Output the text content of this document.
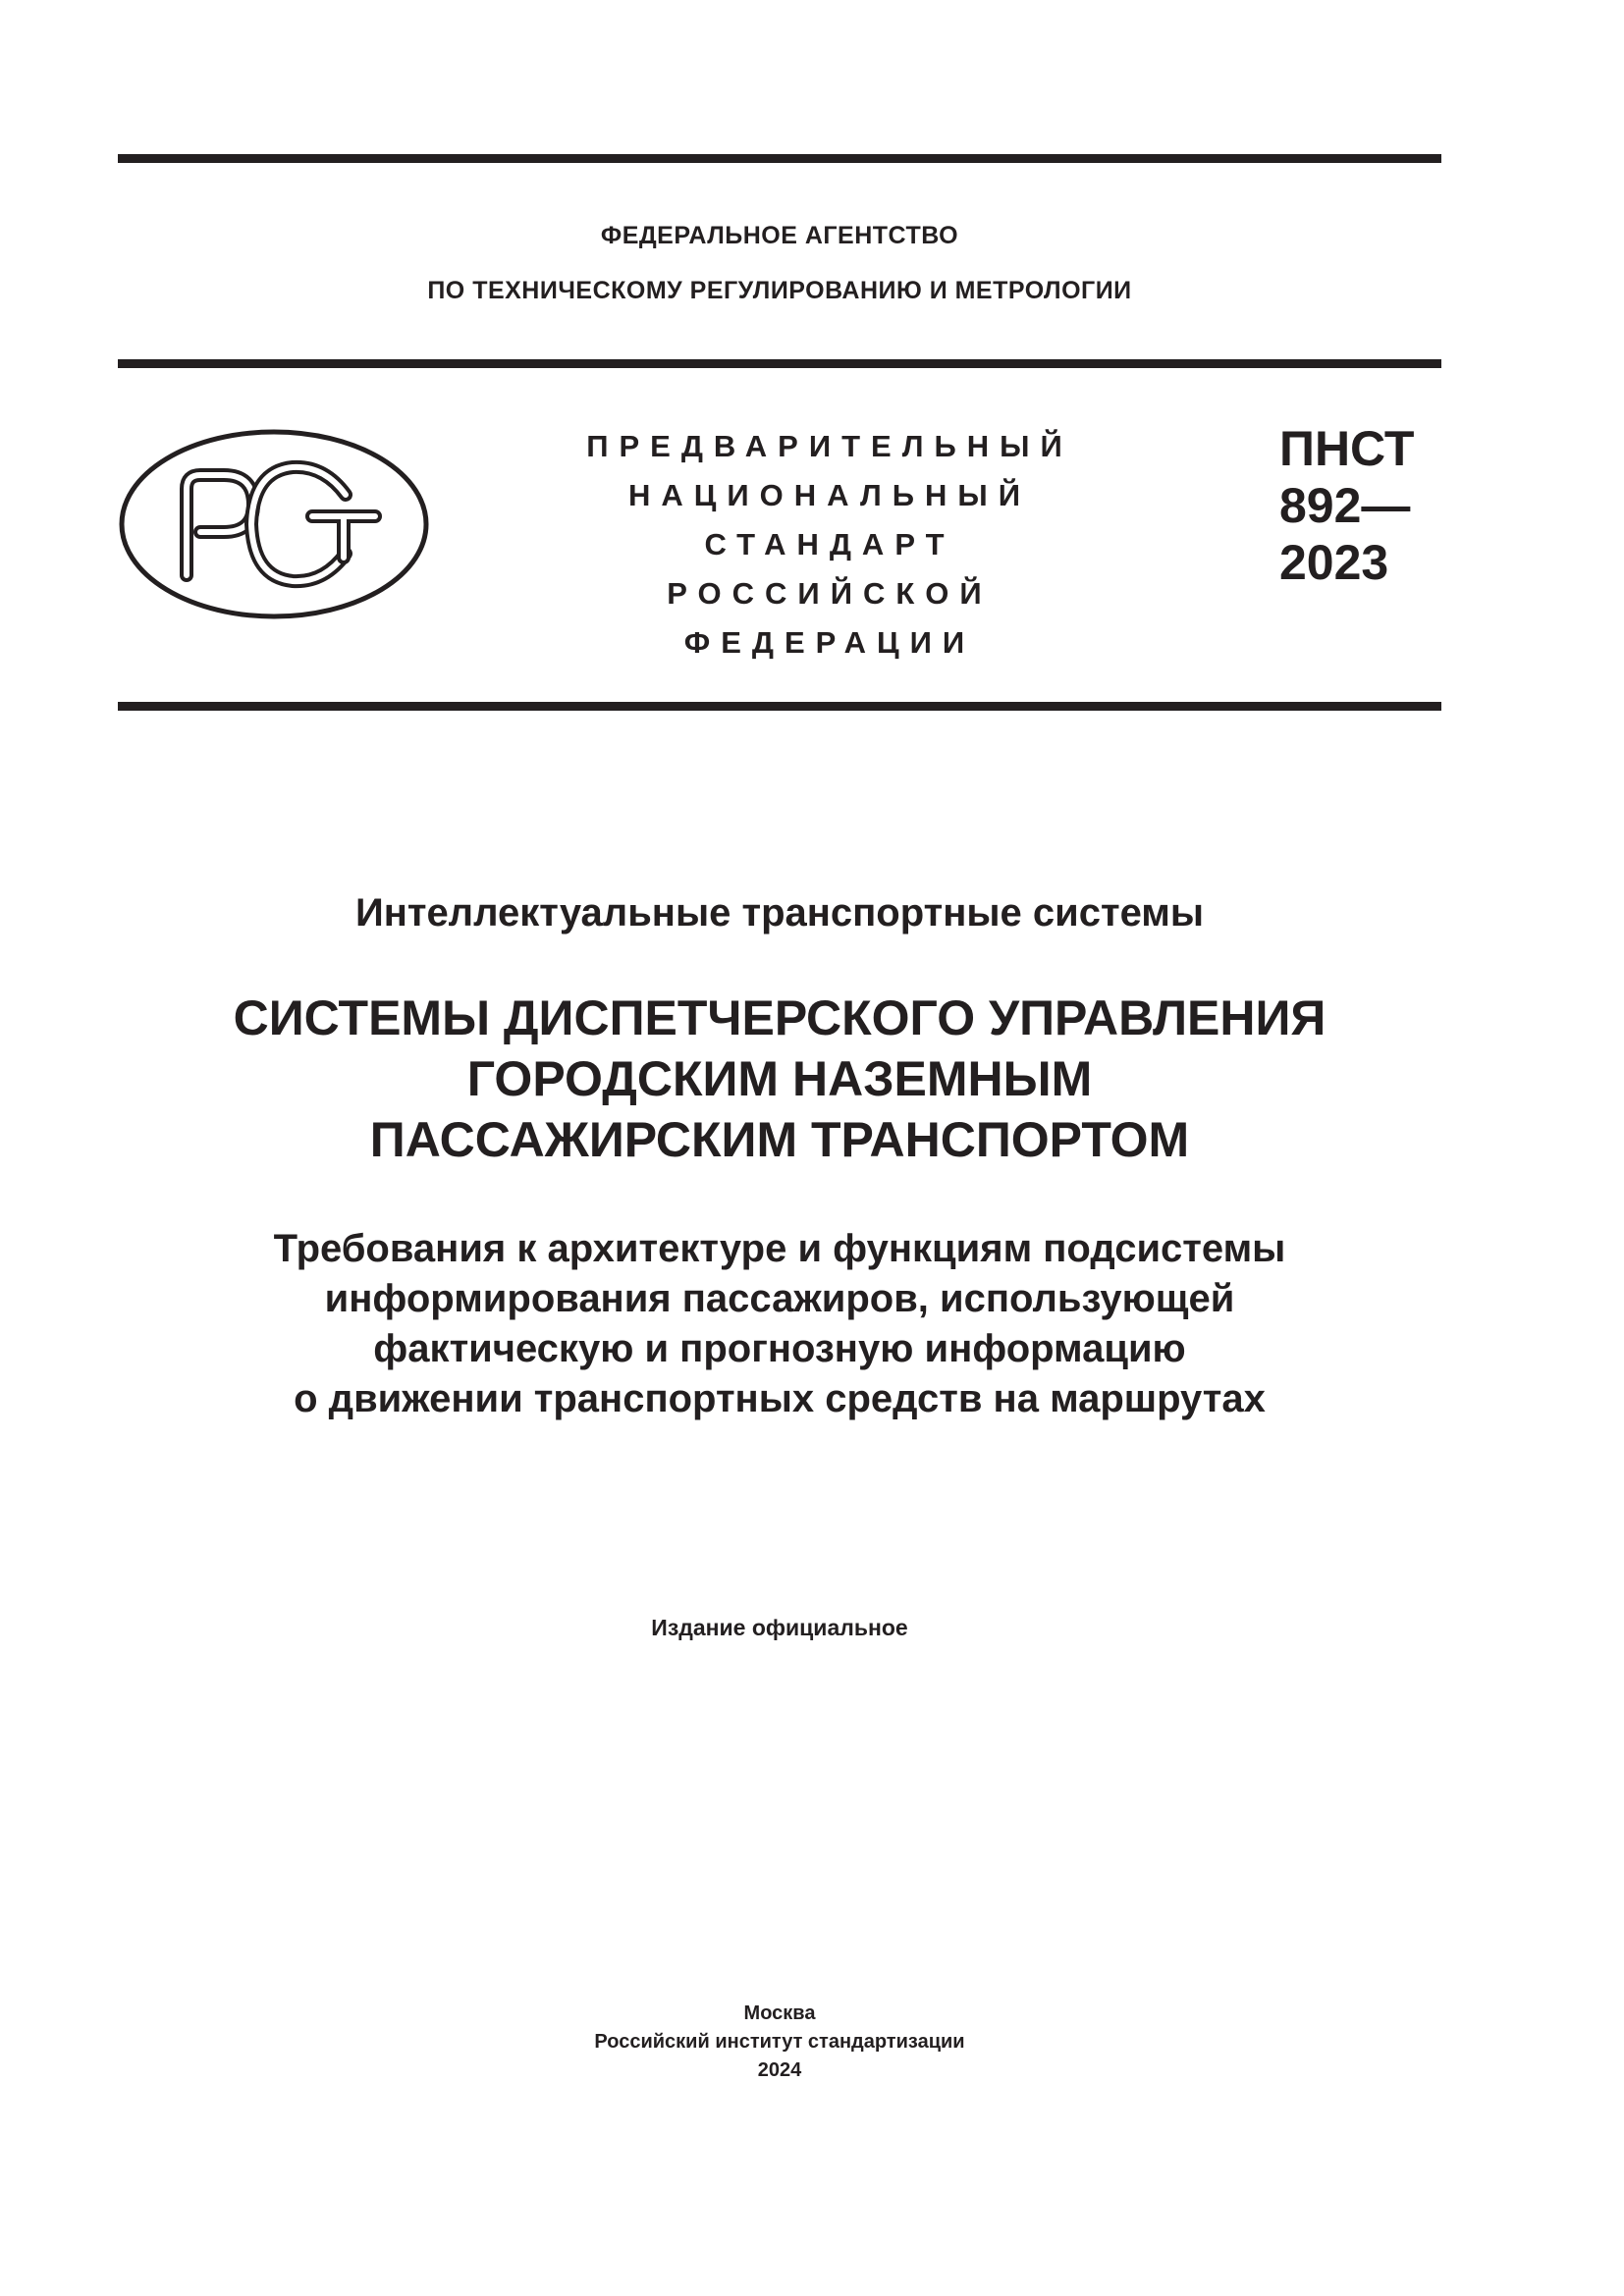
ФЕДЕРАЛЬНОЕ АГЕНТСТВО
ПО ТЕХНИЧЕСКОМУ РЕГУЛИРОВАНИЮ И МЕТРОЛОГИИ
ПРЕДВАРИТЕЛЬНЫЙ
НАЦИОНАЛЬНЫЙ
СТАНДАРТ
РОССИЙСКОЙ
ФЕДЕРАЦИИ
ПНСТ
892—
2023
Интеллектуальные транспортные системы
СИСТЕМЫ ДИСПЕТЧЕРСКОГО УПРАВЛЕНИЯ
ГОРОДСКИМ НАЗЕМНЫМ
ПАССАЖИРСКИМ ТРАНСПОРТОМ
Требования к архитектуре и функциям подсистемы
информирования пассажиров, использующей
фактическую и прогнозную информацию
о движении транспортных средств на маршрутах
Издание официальное
Москва
Российский институт стандартизации
2024
